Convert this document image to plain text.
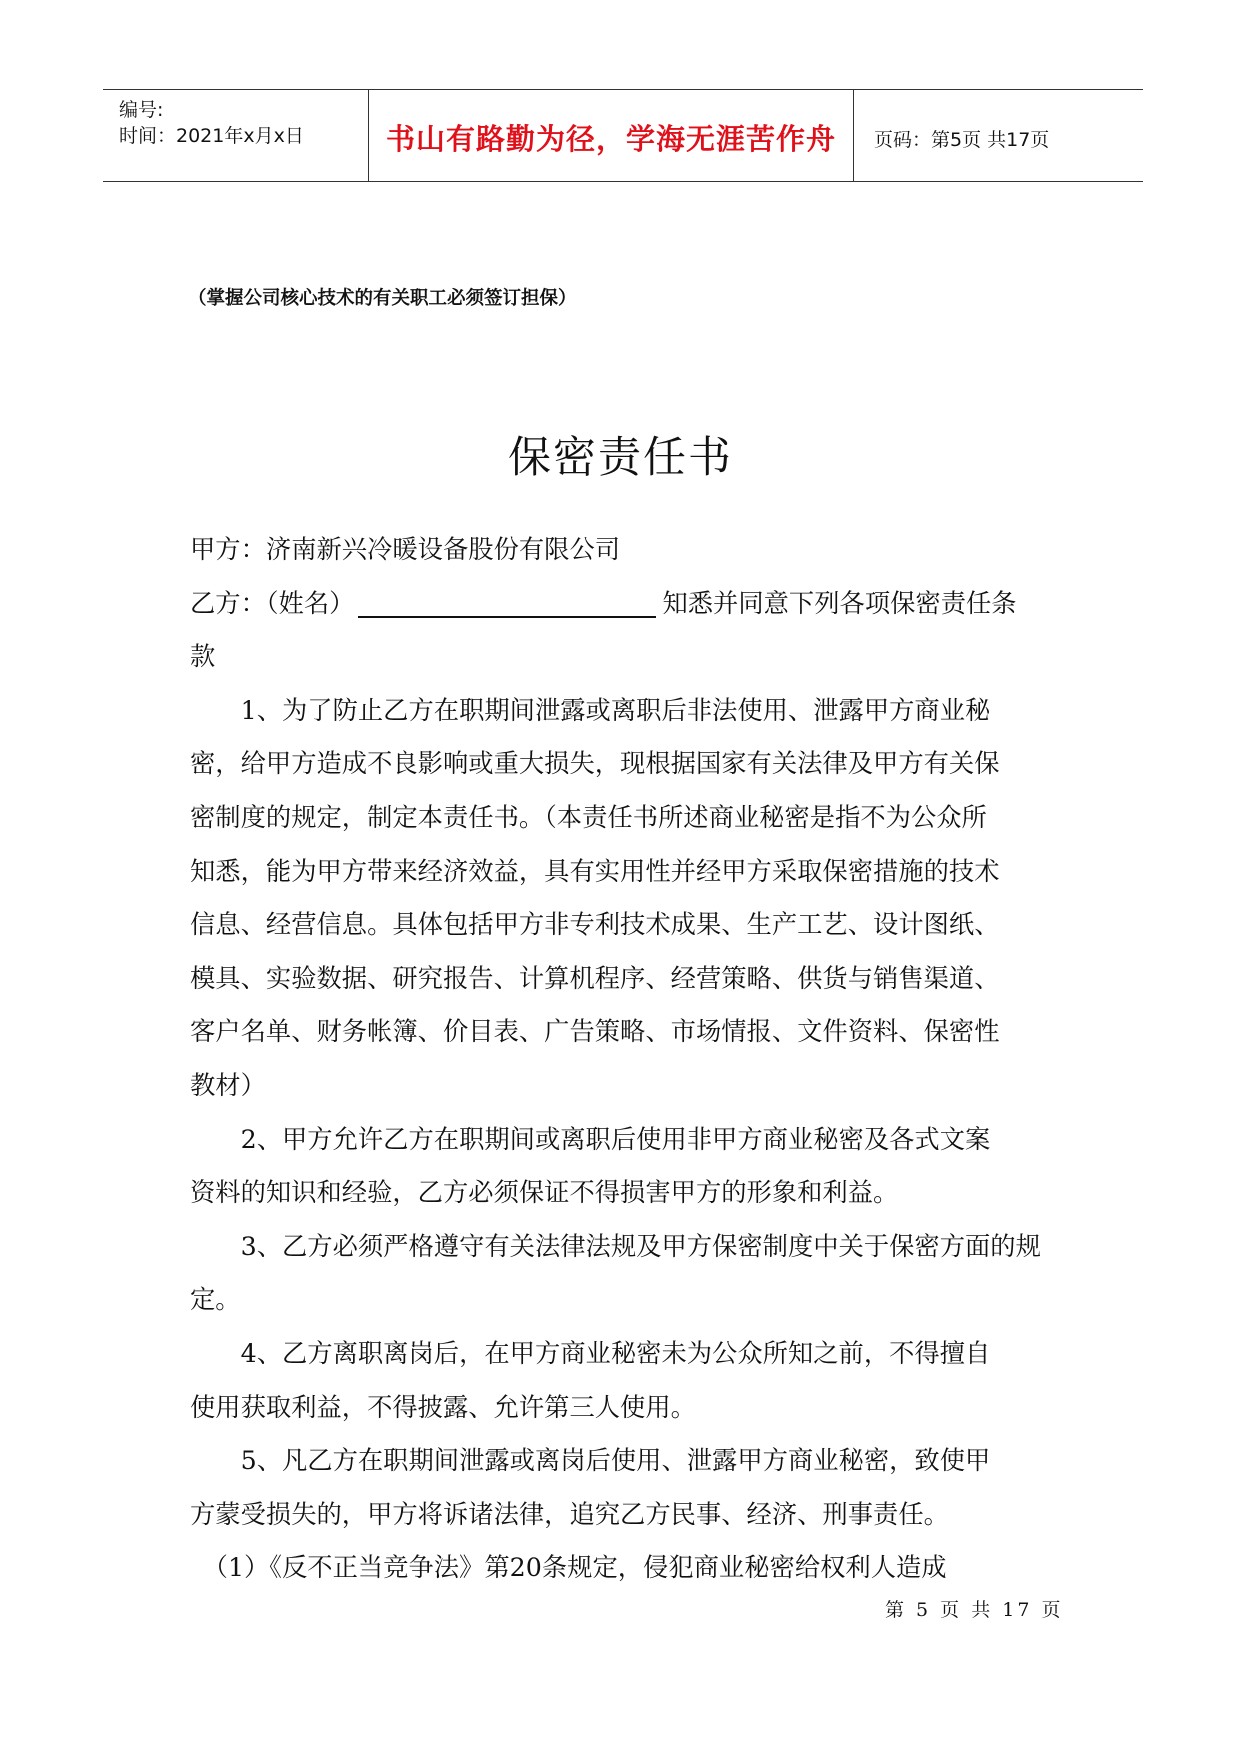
编号:
时间：2021年x月x日	书山有路勤为径，学海无涯苦作舟	页码：第5页 共17页
（掌握公司核心技术的有关职工必须签订担保）
保密责任书
甲方：济南新兴冷暖设备股份有限公司
乙方：（姓名）	知悉并同意下列各项保密责任条
款
　　1、为了防止乙方在职期间泄露或离职后非法使用、泄露甲方商业秘
密，给甲方造成不良影响或重大损失，现根据国家有关法律及甲方有关保
密制度的规定，制定本责任书。（本责任书所述商业秘密是指不为公众所
知悉，能为甲方带来经济效益，具有实用性并经甲方采取保密措施的技术
信息、经营信息。具体包括甲方非专利技术成果、生产工艺、设计图纸、
模具、实验数据、研究报告、计算机程序、经营策略、供货与销售渠道、
客户名单、财务帐簿、价目表、广告策略、市场情报、文件资料、保密性
教材）
　　2、甲方允许乙方在职期间或离职后使用非甲方商业秘密及各式文案
资料的知识和经验，乙方必须保证不得损害甲方的形象和利益。
　　3、乙方必须严格遵守有关法律法规及甲方保密制度中关于保密方面的规
定。
　　4、乙方离职离岗后，在甲方商业秘密未为公众所知之前，不得擅自
使用获取利益，不得披露、允许第三人使用。
　　5、凡乙方在职期间泄露或离岗后使用、泄露甲方商业秘密，致使甲
方蒙受损失的，甲方将诉诸法律，追究乙方民事、经济、刑事责任。
　（1）《反不正当竞争法》第20条规定，侵犯商业秘密给权利人造成
第 5 页 共 17 页
